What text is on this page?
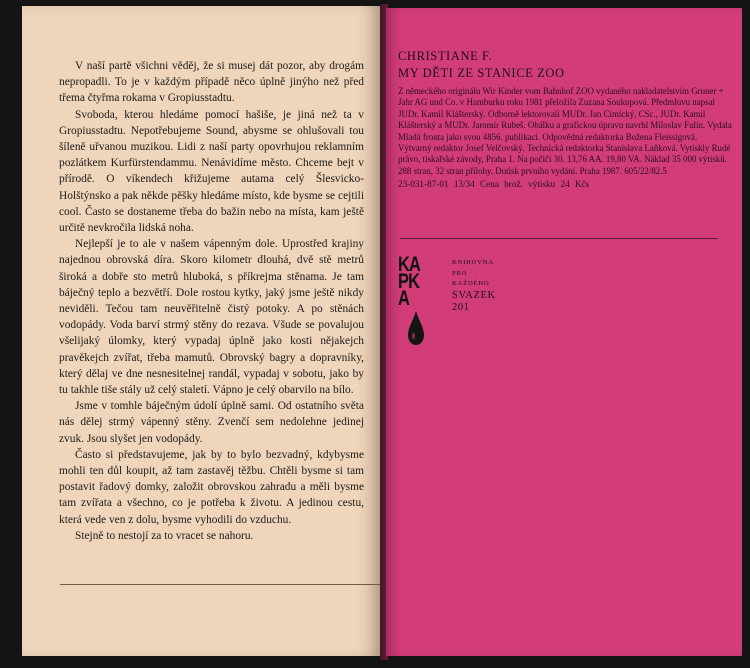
V naší partě všichni věděj, že si musej dát pozor, aby drogám nepropadli. To je v každým případě něco úplně jinýho než před třema čtyřma rokama v Gropiusstadtu.

Svoboda, kterou hledáme pomocí hašiše, je jiná než ta v Gropiusstadtu. Nepotřebujeme Sound, abysme se ohlušovali tou šíleně uřvanou muzikou. Lidi z naší party opovrhujou reklamním pozlátkem Kurfürstendammu. Nenávidíme město. Chceme bejt v přírodě. O víkendech křižujeme autama celý Šlesvicko-Holštýnsko a pak někde pěšky hledáme místo, kde bysme se cejtili cool. Často se dostaneme třeba do bažin nebo na místa, kam ještě určitě nevkročila lidská noha.

Nejlepší je to ale v našem vápenným dole. Uprostřed krajiny najednou obrovská díra. Skoro kilometr dlouhá, dvě stě metrů široká a dobře sto metrů hluboká, s příkrejma stěnama. Je tam báječný teplo a bezvětří. Dole rostou kytky, jaký jsme ještě nikdy neviděli. Tečou tam neuvěřitelně čistý potoky. A po stěnách vodopády. Voda barví strmý stěny do rezava. Všude se povalujou všelijaký úlomky, který vypadaj úplně jako kosti nějakejch pravěkejch zvířat, třeba mamutů. Obrovský bagry a dopravníky, který dělaj ve dne nesnesitelnej randál, vypadaj v sobotu, jako by tu takhle tiše stály už celý staletí. Vápno je celý obarvilo na bílo.

Jsme v tomhle báječným údolí úplně sami. Od ostatního světa nás dělej strmý vápenný stěny. Zvenčí sem nedolehne jedinej zvuk. Jsou slyšet jen vodopády.

Často si představujeme, jak by to bylo bezvadný, kdybysme mohli ten důl koupit, až tam zastavěj těžbu. Chtěli bysme si tam postavit řadový domky, založit obrovskou zahradu a měli bysme tam zvířata a všechno, co je potřeba k životu. A jedinou cestu, která vede ven z dolu, bysme vyhodili do vzduchu.

Stejně to nestojí za to vracet se nahoru.

CHRISTIANE F.

MY DĚTI ZE STANICE ZOO

Z německého originálu Wir Kinder vom Bahnhof ZOO vydaného nakladatelstvím Gruner + Jahr AG und Co. v Hamburku roku 1981 přeložila Zuzana Soukupová. Předmluvu napsal JUDr. Kamil Klášterský. Odborně lektorovali MUDr. Jan Cimický, CSc., JUDr. Kamil Klášterský a MUDr. Jaromír Rubeš. Obálku a grafickou úpravu navrhl Miloslav Fulín. Vydala Mladá fronta jako svou 4856. publikaci. Odpovědná redaktorka Božena Fleissigová. Výtvarný redaktor Josef Velčovský. Technická redaktorka Stanislava Laňková. Vytiskly Rudé právo, tiskařské závody, Praha 1. Na počiči 30. 13,76 AA. 19,80 VA. Náklad 35 000 výtisků. 288 stran, 32 stran přílohy. Dotisk prvního vydání. Praha 1987. 605/22/82.5

23-031-87-01 13/34 Cena brož. výtisku 24 Kčs
KAPKA
KNIHOVNA
PRO
KAŽDÉHO
SVAZEK
201
